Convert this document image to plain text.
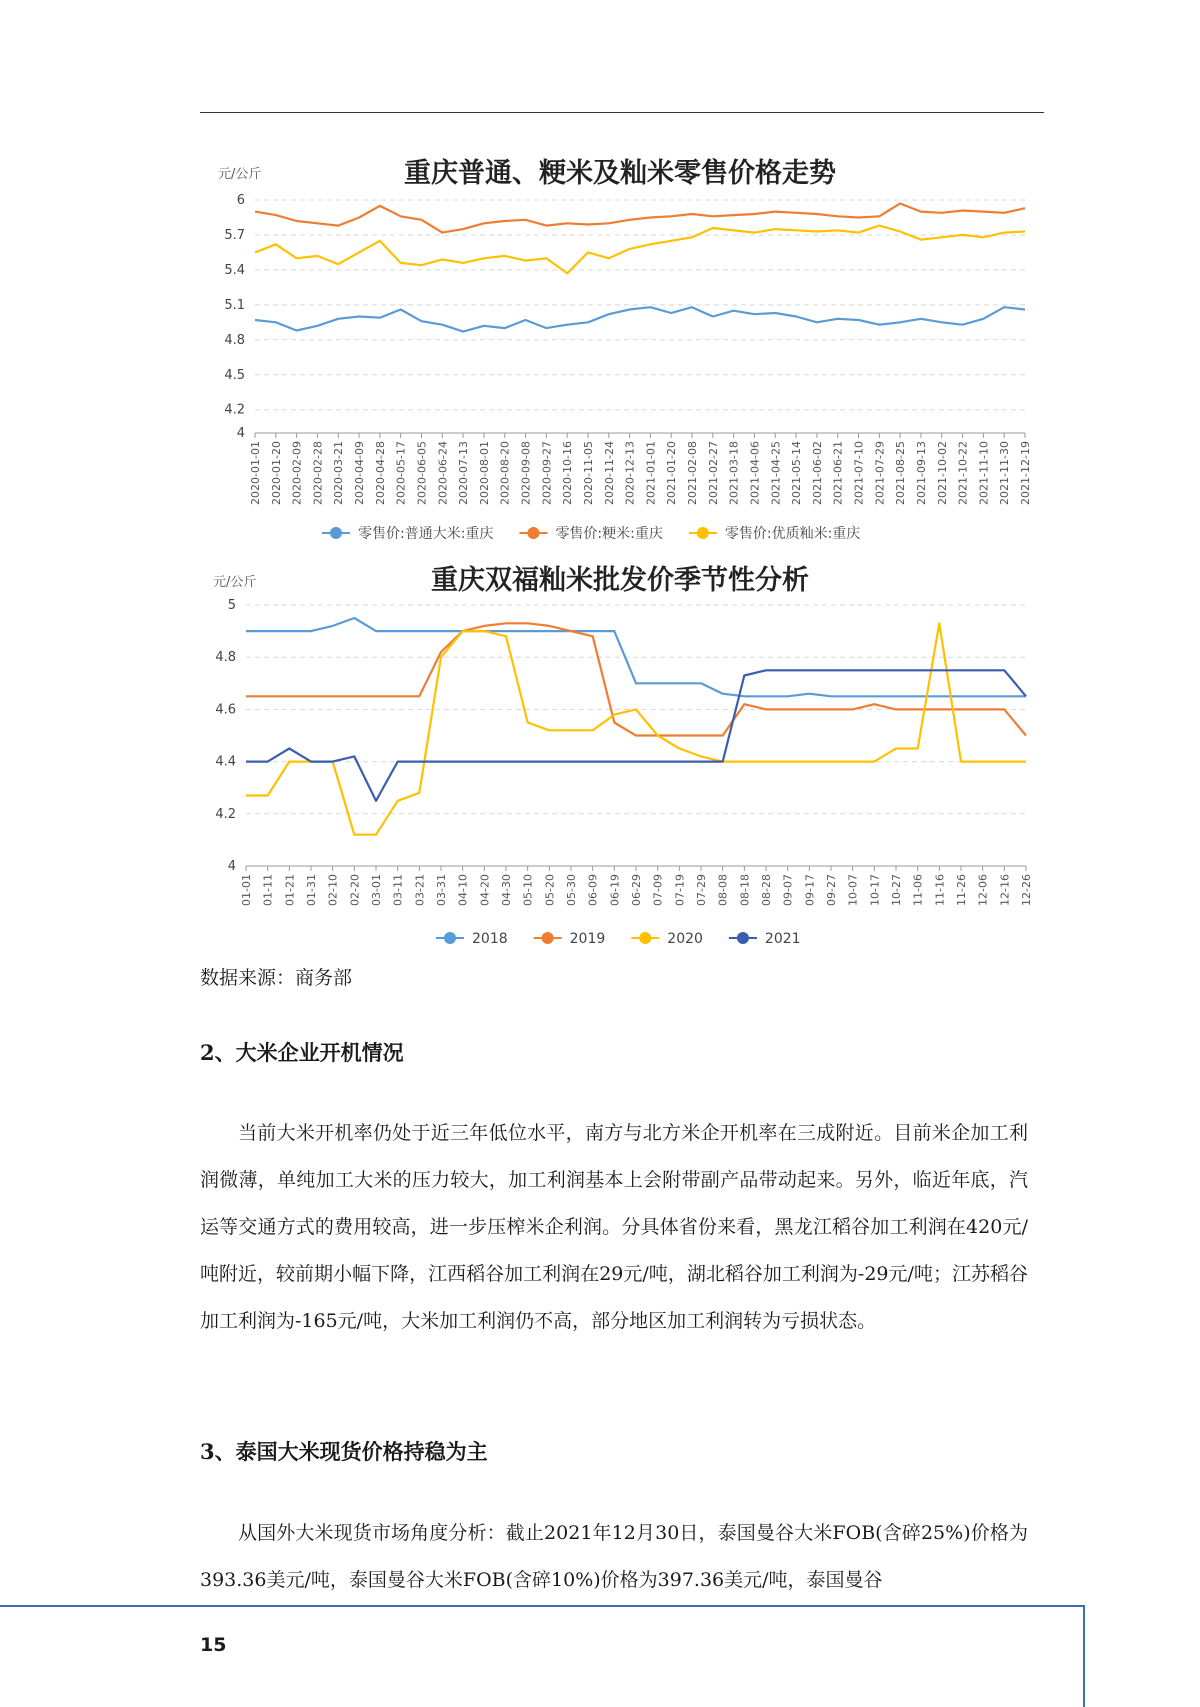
重庆普通、粳米及籼米零售价格走势
元/公斤
4
4.2
4.5
4.8
5.1
5.4
5.7
6
2020-01-01 2020-01-20 2020-02-09 2020-02-28 2020-03-21 2020-04-09 2020-04-28 2020-05-17 2020-06-05 2020-06-24 2020-07-13 2020-08-01 2020-08-20 2020-09-08 2020-09-27 2020-10-16 2020-11-05 2020-11-24 2020-12-13 2021-01-01 2021-01-20 2021-02-08 2021-02-27 2021-03-18 2021-04-06 2021-04-25 2021-05-14 2021-06-02 2021-06-21 2021-07-10 2021-07-29 2021-08-25 2021-09-13 2021-10-02 2021-10-22 2021-11-10 2021-11-30 2021-12-19
零售价:普通大米:重庆	零售价:粳米:重庆	零售价:优质籼米:重庆
重庆双福籼米批发价季节性分析
元/公斤
4
4.2
4.4
4.6
4.8
5
01-01 01-11 01-21 01-31 02-10 02-20 03-01 03-11 03-21 03-31 04-10 04-20 04-30 05-10 05-20 05-30 06-09 06-19 06-29 07-09 07-19 07-29 08-08 08-18 08-28 09-07 09-17 09-27 10-07 10-17 10-27 11-06 11-16 11-26 12-06 12-16 12-26
2018	2019	2020	2021
数据来源：商务部
2、大米企业开机情况
当前大米开机率仍处于近三年低位水平，南方与北方米企开机率在三成附近。目前米企加工利润微薄，单纯加工大米的压力较大，加工利润基本上会附带副产品带动起来。另外，临近年底，汽运等交通方式的费用较高，进一步压榨米企利润。分具体省份来看，黑龙江稻谷加工利润在420元/吨附近，较前期小幅下降，江西稻谷加工利润在29元/吨，湖北稻谷加工利润为-29元/吨；江苏稻谷加工利润为-165元/吨，大米加工利润仍不高，部分地区加工利润转为亏损状态。
3、泰国大米现货价格持稳为主
从国外大米现货市场角度分析：截止2021年12月30日，泰国曼谷大米FOB(含碎25%)价格为393.36美元/吨，泰国曼谷大米FOB(含碎10%)价格为397.36美元/吨，泰国曼谷
15
